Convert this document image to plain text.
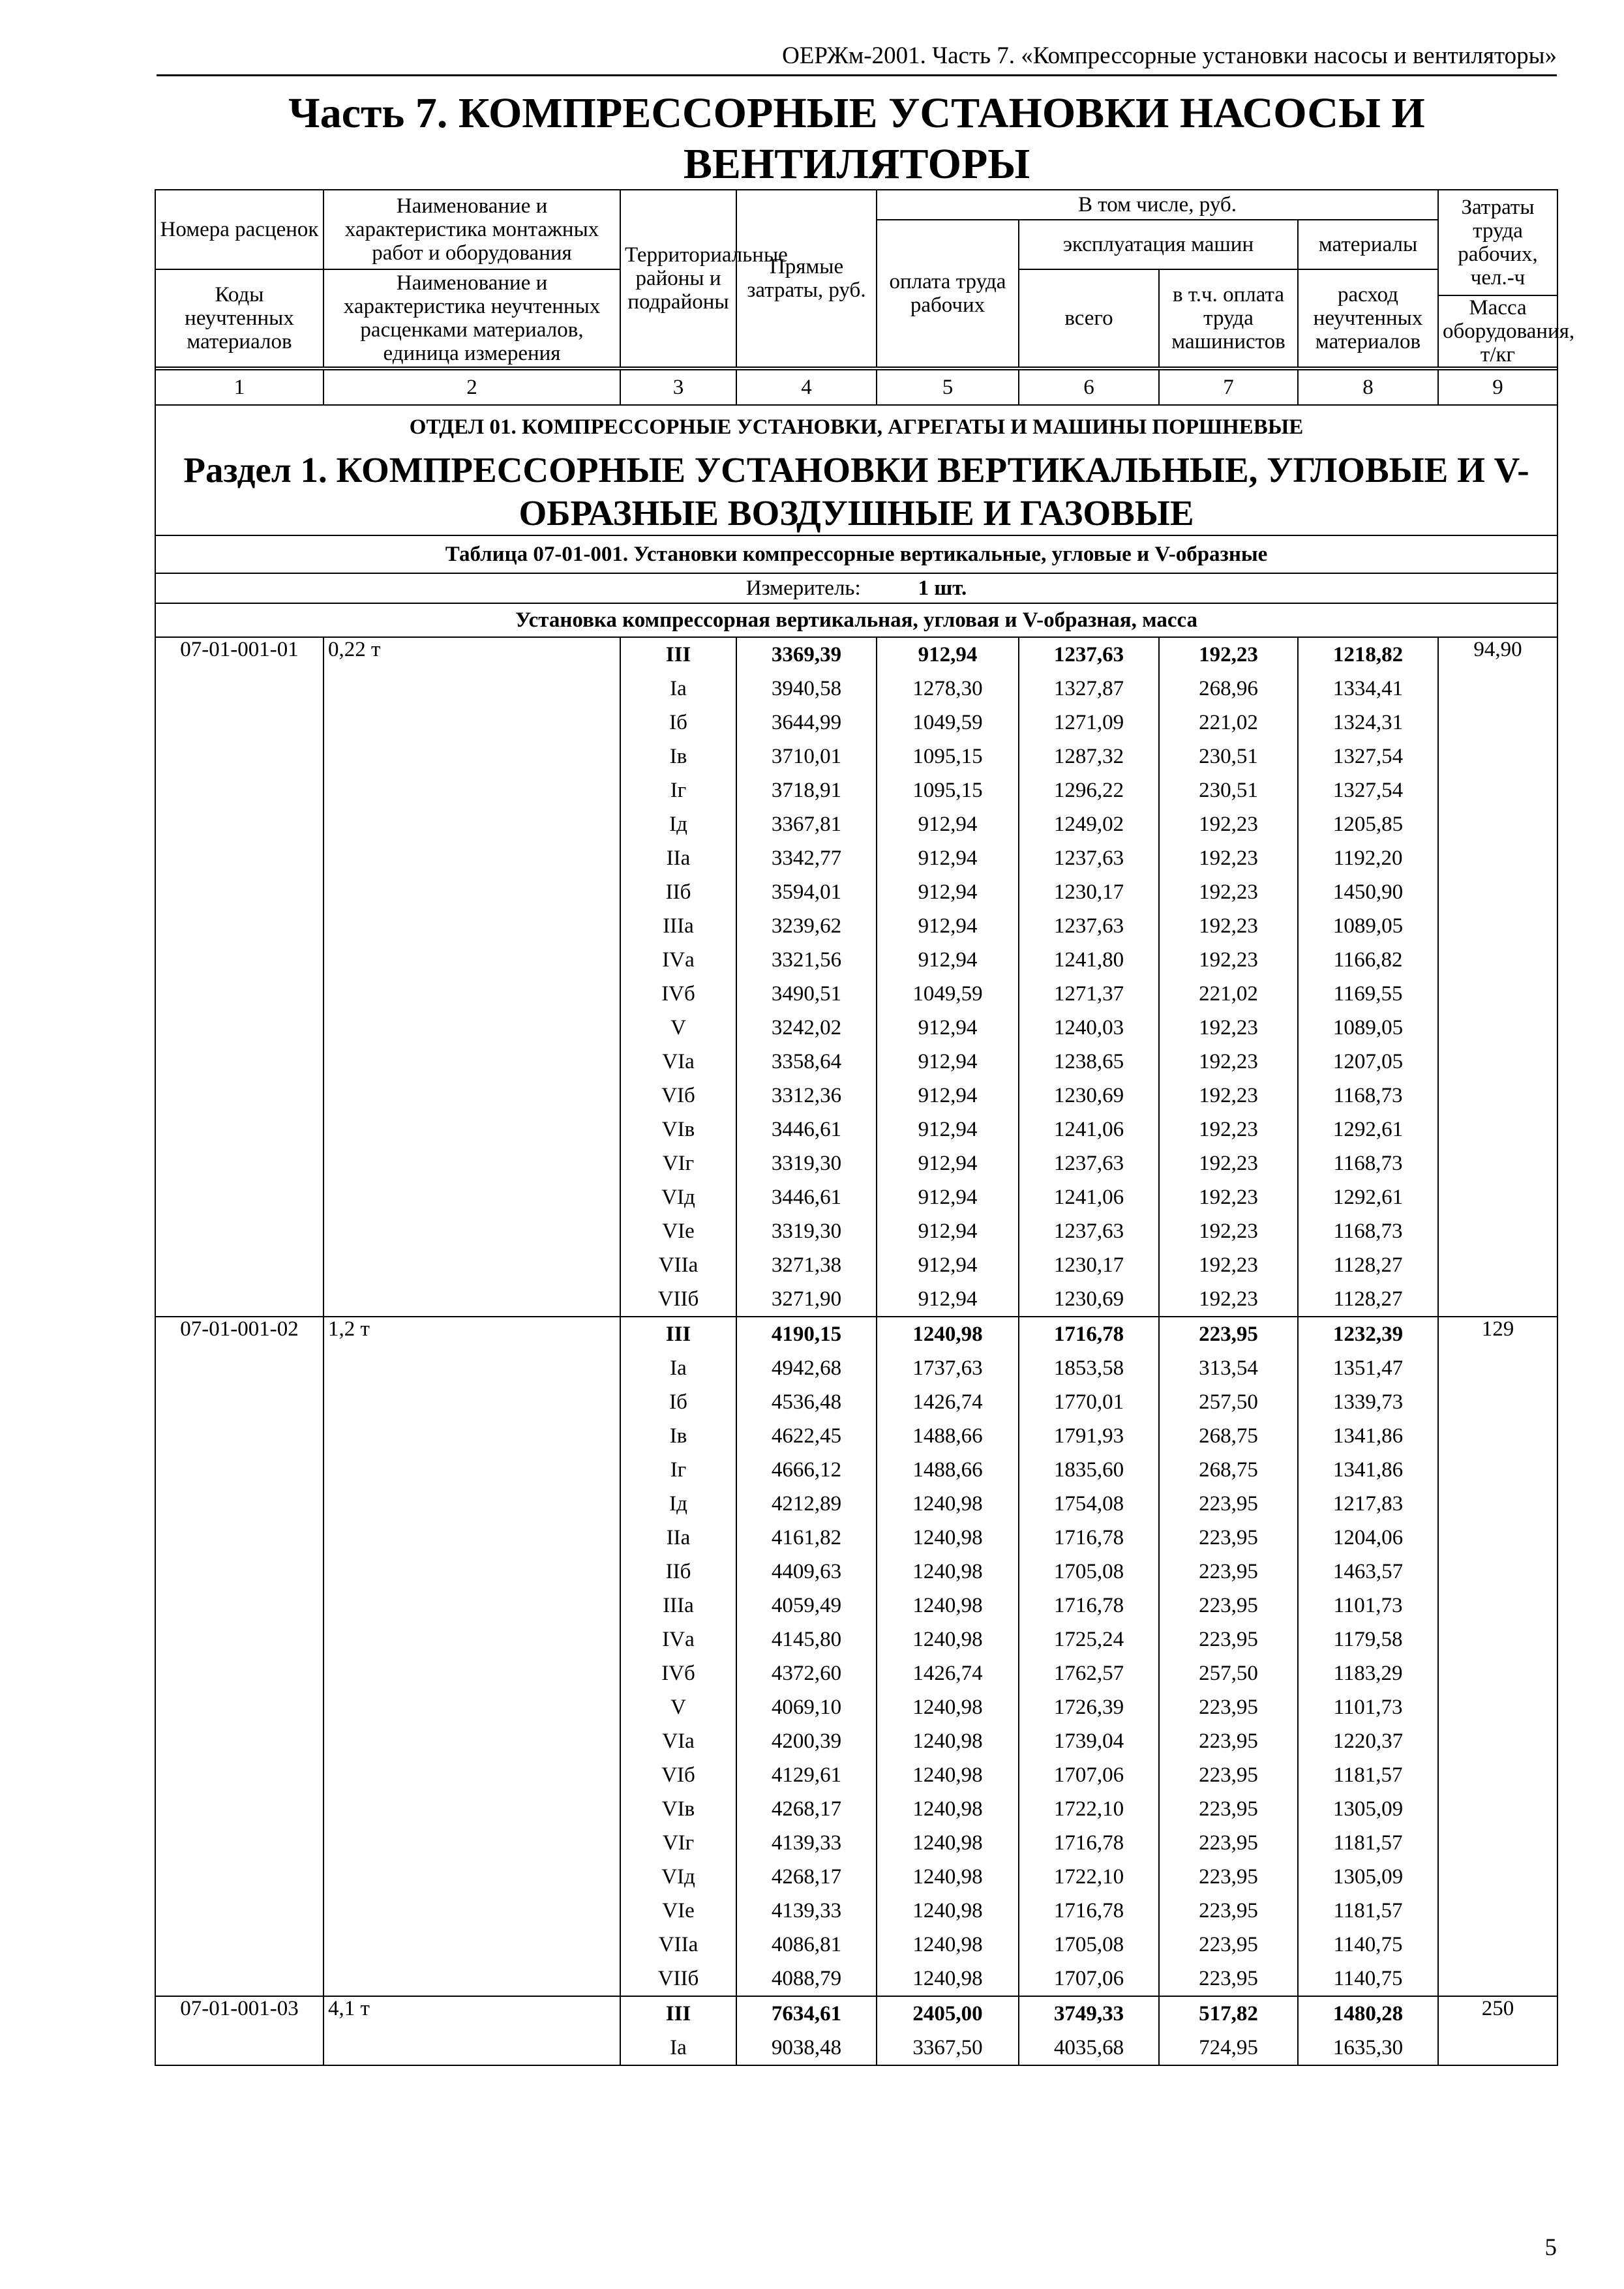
ОЕРЖм-2001. Часть 7. «Компрессорные установки насосы и вентиляторы»
Часть 7. КОМПРЕССОРНЫЕ УСТАНОВКИ НАСОСЫ И
ВЕНТИЛЯТОРЫ
Номера расценок	Наименование и характеристика монтажных работ и оборудования	Территориальные районы и подрайоны	Прямые затраты, руб.	В том числе, руб.				Затраты труда рабочих, чел.-ч
				оплата труда рабочих	эксплуатация машин		материалы	
Коды неучтенных материалов	Наименование и характеристика неучтенных расценками материалов, единица измерения				всего	в т.ч. оплата труда машинистов	расход неучтенных материалов	
								Масса оборудования, т/кг

1	2	3	4	5	6	7	8	9

ОТДЕЛ 01. КОМПРЕССОРНЫЕ УСТАНОВКИ, АГРЕГАТЫ И МАШИНЫ ПОРШНЕВЫЕ
Раздел 1. КОМПРЕССОРНЫЕ УСТАНОВКИ ВЕРТИКАЛЬНЫЕ, УГЛОВЫЕ И V-ОБРАЗНЫЕ ВОЗДУШНЫЕ И ГАЗОВЫЕ								

Таблица 07-01-001. Установки компрессорные вертикальные, угловые и V-образные								
Измеритель: 1 шт.								
Установка компрессорная вертикальная, угловая и V-образная, масса								
07-01-001-01	0,22 т	III	3369,39	912,94	1237,63	192,23	1218,82	94,90
		Iа	3940,58	1278,30	1327,87	268,96	1334,41	
		Iб	3644,99	1049,59	1271,09	221,02	1324,31	
		Iв	3710,01	1095,15	1287,32	230,51	1327,54	
		Iг	3718,91	1095,15	1296,22	230,51	1327,54	
		Iд	3367,81	912,94	1249,02	192,23	1205,85	
		IIа	3342,77	912,94	1237,63	192,23	1192,20	
		IIб	3594,01	912,94	1230,17	192,23	1450,90	
		IIIа	3239,62	912,94	1237,63	192,23	1089,05	
		IVа	3321,56	912,94	1241,80	192,23	1166,82	
		IVб	3490,51	1049,59	1271,37	221,02	1169,55	
		V	3242,02	912,94	1240,03	192,23	1089,05	
		VIа	3358,64	912,94	1238,65	192,23	1207,05	
		VIб	3312,36	912,94	1230,69	192,23	1168,73	
		VIв	3446,61	912,94	1241,06	192,23	1292,61	
		VIг	3319,30	912,94	1237,63	192,23	1168,73	
		VIд	3446,61	912,94	1241,06	192,23	1292,61	
		VIе	3319,30	912,94	1237,63	192,23	1168,73	
		VIIа	3271,38	912,94	1230,17	192,23	1128,27	
		VIIб	3271,90	912,94	1230,69	192,23	1128,27	
07-01-001-02	1,2 т	III	4190,15	1240,98	1716,78	223,95	1232,39	129
		Iа	4942,68	1737,63	1853,58	313,54	1351,47	
		Iб	4536,48	1426,74	1770,01	257,50	1339,73	
		Iв	4622,45	1488,66	1791,93	268,75	1341,86	
		Iг	4666,12	1488,66	1835,60	268,75	1341,86	
		Iд	4212,89	1240,98	1754,08	223,95	1217,83	
		IIа	4161,82	1240,98	1716,78	223,95	1204,06	
		IIб	4409,63	1240,98	1705,08	223,95	1463,57	
		IIIа	4059,49	1240,98	1716,78	223,95	1101,73	
		IVа	4145,80	1240,98	1725,24	223,95	1179,58	
		IVб	4372,60	1426,74	1762,57	257,50	1183,29	
		V	4069,10	1240,98	1726,39	223,95	1101,73	
		VIа	4200,39	1240,98	1739,04	223,95	1220,37	
		VIб	4129,61	1240,98	1707,06	223,95	1181,57	
		VIв	4268,17	1240,98	1722,10	223,95	1305,09	
		VIг	4139,33	1240,98	1716,78	223,95	1181,57	
		VIд	4268,17	1240,98	1722,10	223,95	1305,09	
		VIе	4139,33	1240,98	1716,78	223,95	1181,57	
		VIIа	4086,81	1240,98	1705,08	223,95	1140,75	
		VIIб	4088,79	1240,98	1707,06	223,95	1140,75	
07-01-001-03	4,1 т	III	7634,61	2405,00	3749,33	517,82	1480,28	250
		Iа	9038,48	3367,50	4035,68	724,95	1635,30	
5
